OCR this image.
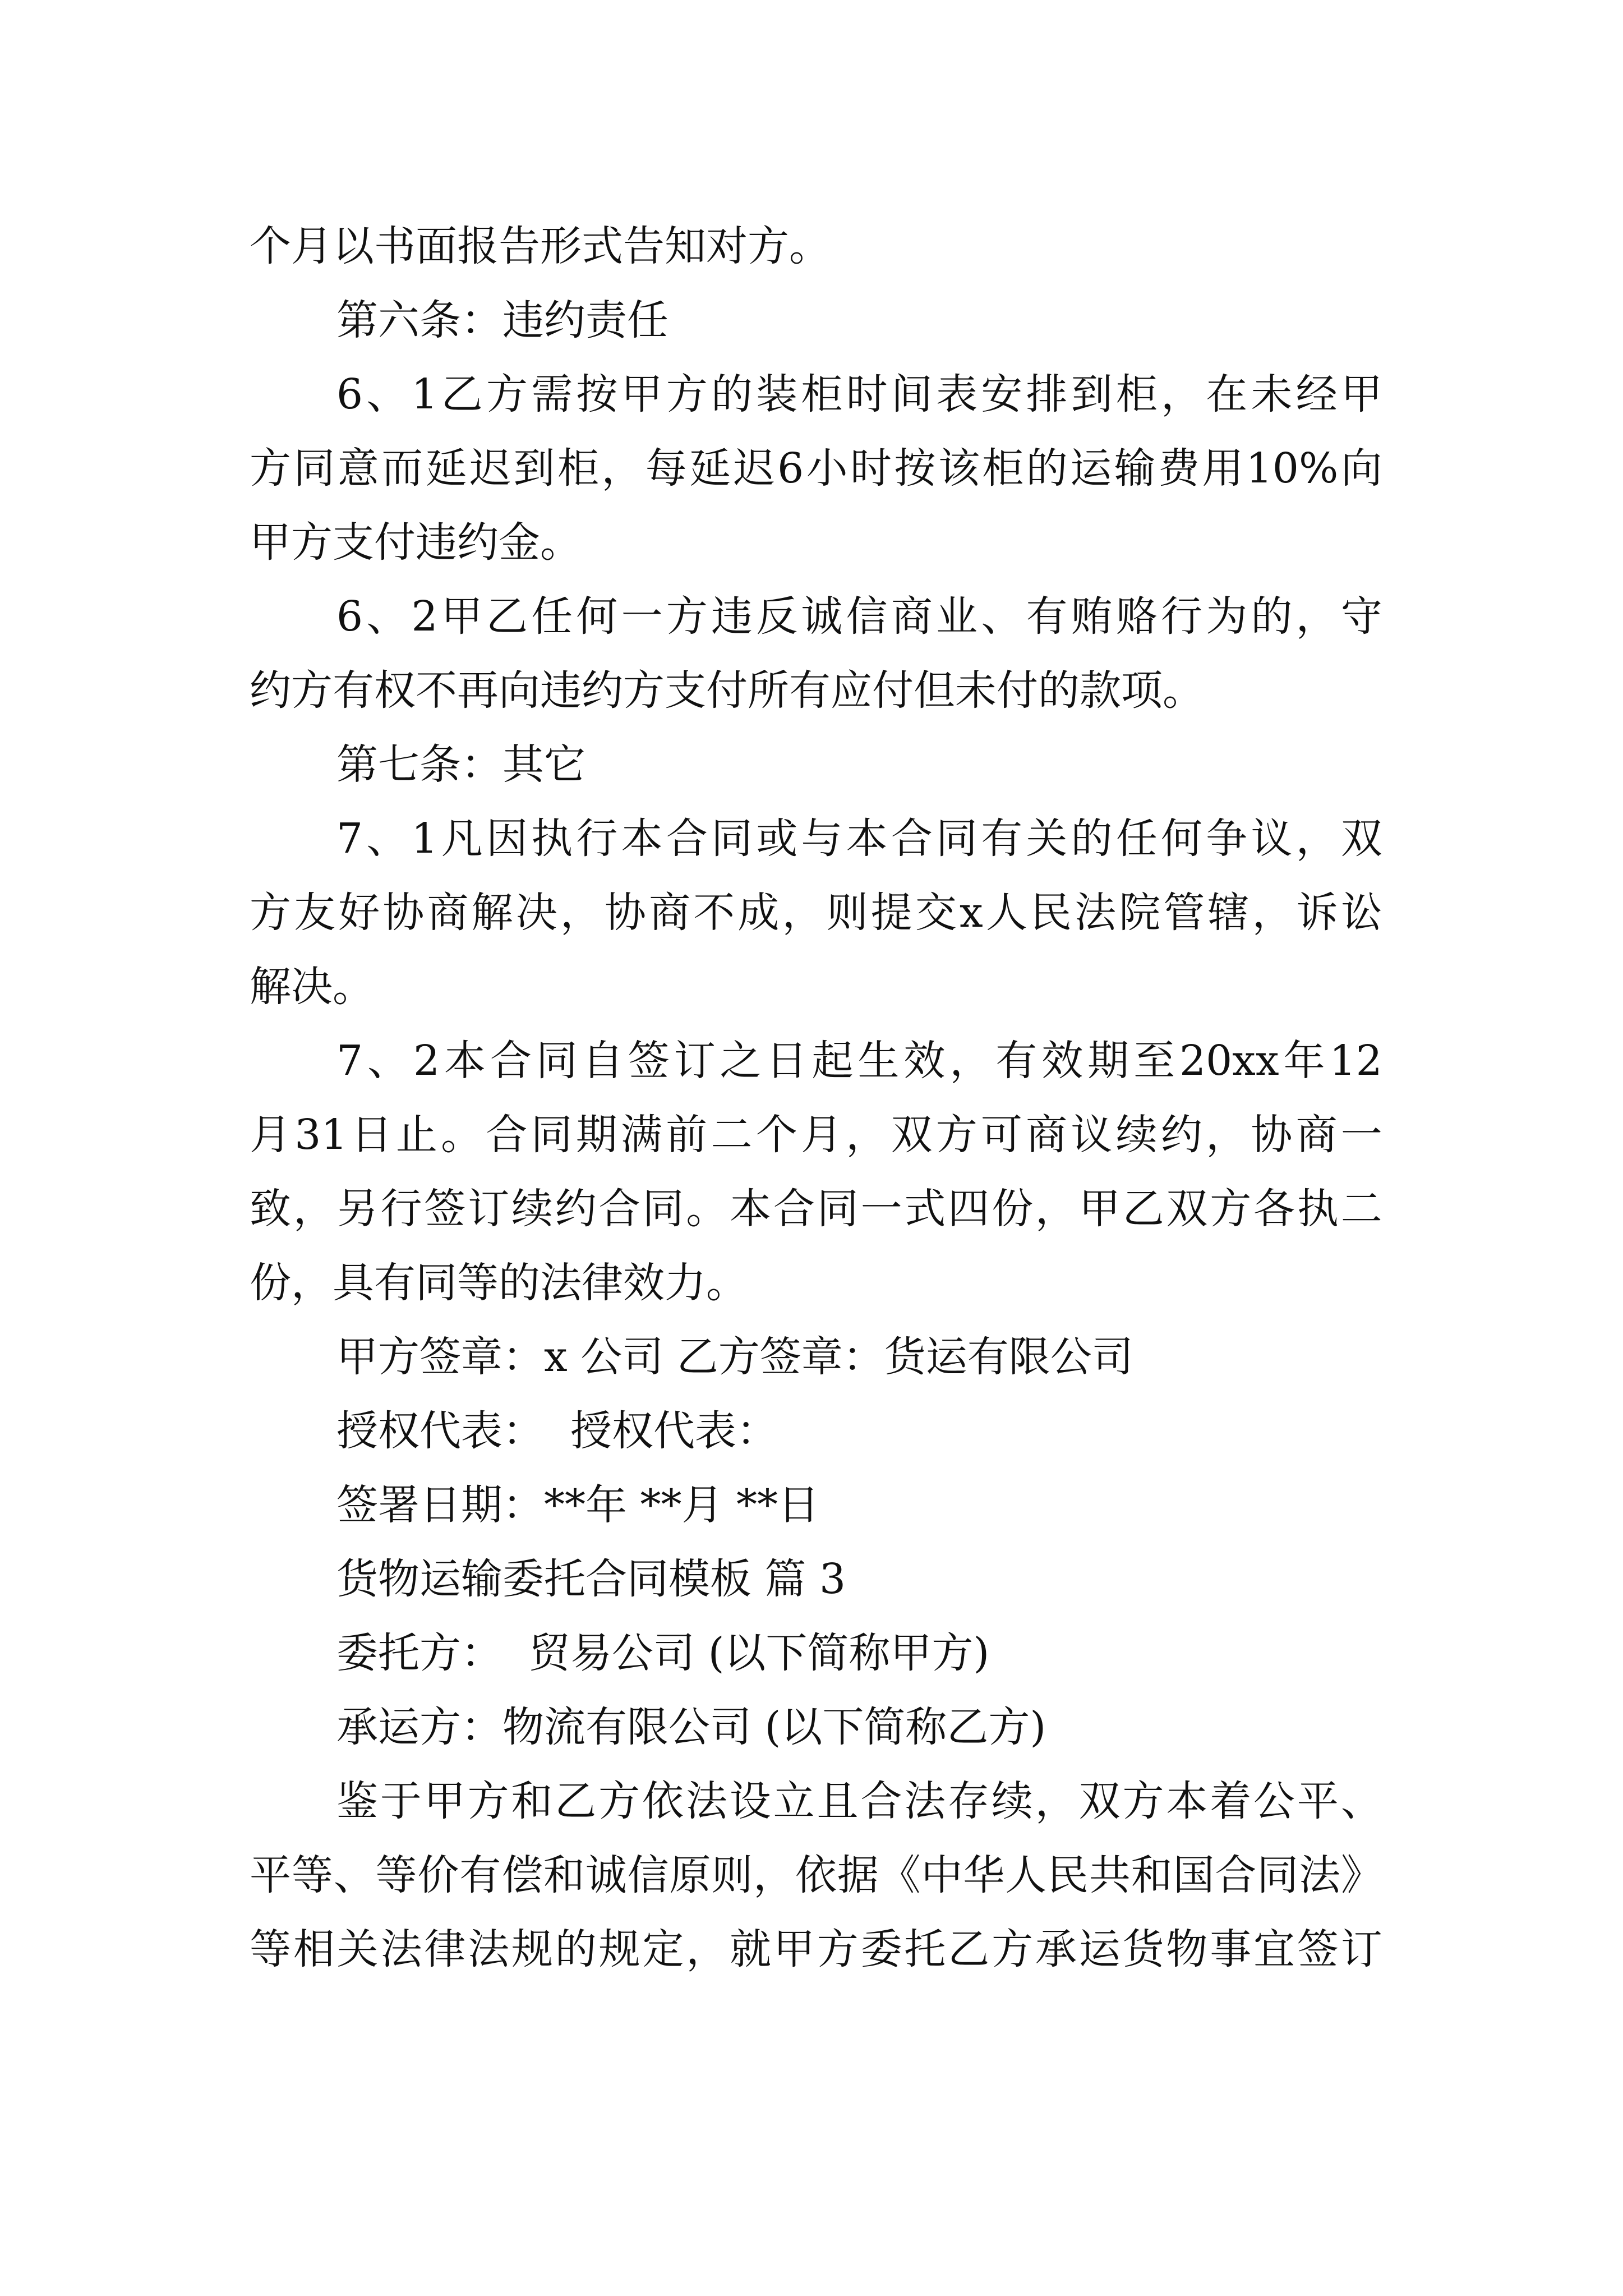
个月以书面报告形式告知对方。
第六条：违约责任
6 、 1 乙 方 需 按 甲 方 的 装 柜 时 间 表 安 排 到 柜 ， 在 未 经 甲
方 同 意 而 延 迟 到 柜 ， 每 延 迟 6 小 时 按 该 柜 的 运 输 费 用 10% 向
甲方支付违约金。
6 、 2 甲 乙 任 何 一 方 违 反 诚 信 商 业 、 有 贿 赂 行 为 的 ， 守
约方有权不再向违约方支付所有应付但未付的款项。
第七条：其它
7 、 1 凡 因 执 行 本 合 同 或 与 本 合 同 有 关 的 任 何 争 议 ， 双
方 友 好 协 商 解 决 ， 协 商 不 成 ， 则 提 交 x 人 民 法 院 管 辖 ， 诉 讼
解决。
7 、 2 本 合 同 自 签 订 之 日 起 生 效 ， 有 效 期 至 20xx 年 12
月 31 日 止 。 合 同 期 满 前 二 个 月 ， 双 方 可 商 议 续 约 ， 协 商 一
致 ， 另 行 签 订 续 约 合 同 。 本 合 同 一 式 四 份 ， 甲 乙 双 方 各 执 二
份，具有同等的法律效力。
甲方签章：x 公司 乙方签章：货运有限公司
授权代表：  授权代表：
签署日期：**年 **月 **日
货物运输委托合同模板 篇 3
委托方：  贸易公司 (以下简称甲方)
承运方：物流有限公司 (以下简称乙方)
鉴 于 甲 方 和 乙 方 依 法 设 立 且 合 法 存 续 ， 双 方 本 着 公 平 、
平 等 、 等 价 有 偿 和 诚 信 原 则 ， 依 据 《 中 华 人 民 共 和 国 合 同 法 》
等 相 关 法 律 法 规 的 规 定 ， 就 甲 方 委 托 乙 方 承 运 货 物 事 宜 签 订
